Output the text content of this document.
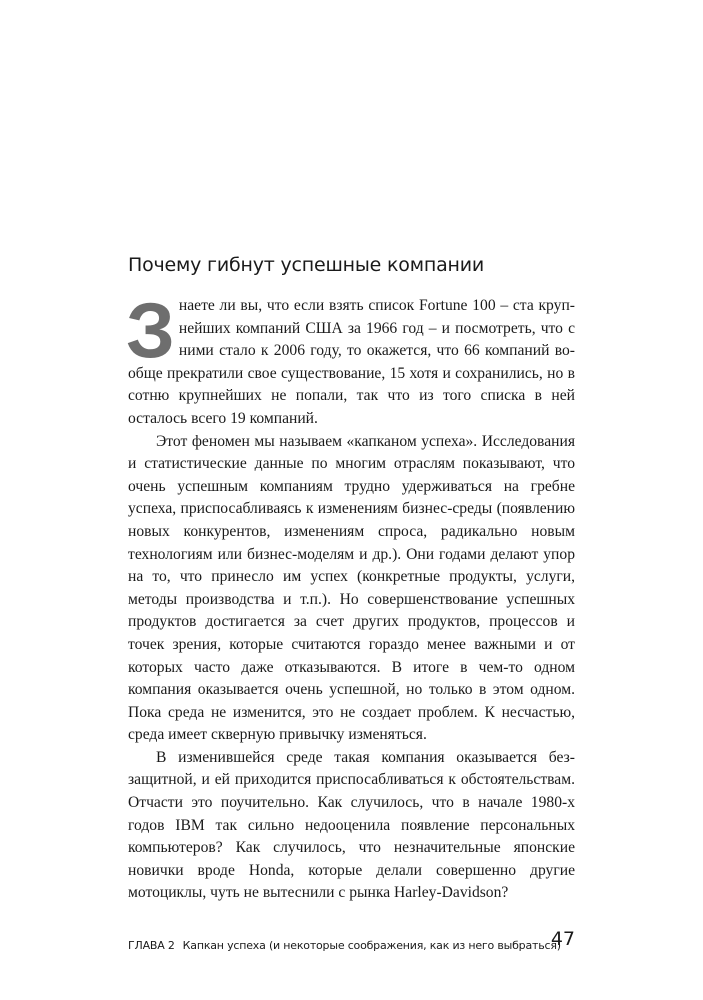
Почему гибнут успешные компании

Знаете ли вы, что если взять список Fortune 100 – ста крупнейших компаний США за 1966 год – и посмотреть, что с ними стало к 2006 году, то окажется, что 66 компаний вообще прекратили свое существование, 15 хотя и сохранились, но в сотню крупнейших не попали, так что из того списка в ней осталось всего 19 компаний.

Этот феномен мы называем «капканом успеха». Исследования и статистические данные по многим отраслям показывают, что очень успешным компаниям трудно удерживаться на гребне успеха, приспосабливаясь к изменениям бизнес-среды (появлению новых конкурентов, изменениям спроса, радикально новым технологиям или бизнес-моделям и др.). Они годами делают упор на то, что принесло им успех (конкретные продукты, услуги, методы производства и т.п.). Но совершенствование успешных продуктов достигается за счет других продуктов, процессов и точек зрения, которые считаются гораздо менее важными и от которых часто даже отказываются. В итоге в чем-то одном компания оказывается очень успешной, но только в этом одном. Пока среда не изменится, это не создает проблем. К несчастью, среда имеет скверную привычку изменяться.

В изменившейся среде такая компания оказывается беззащитной, и ей приходится приспосабливаться к обстоятельствам. Отчасти это поучительно. Как случилось, что в начале 1980-х годов IBM так сильно недооценила появление персональных компьютеров? Как случилось, что незначительные японские новички вроде Honda, которые делали совершенно другие мотоциклы, чуть не вытеснили с рынка Harley-Davidson?

ГЛАВА 2 Капкан успеха (и некоторые соображения, как из него выбраться)
47
